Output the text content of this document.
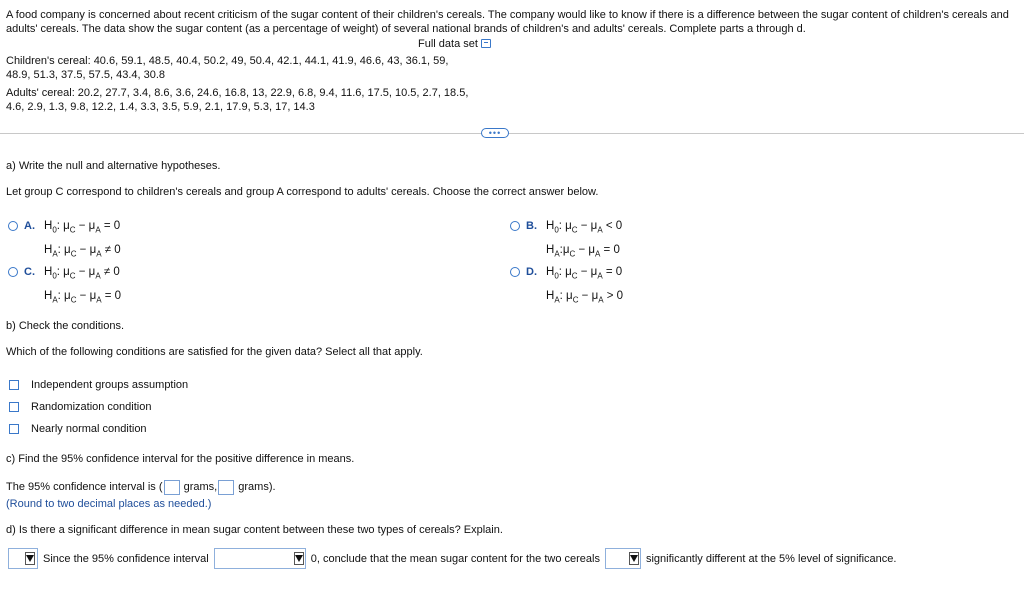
A food company is concerned about recent criticism of the sugar content of their children's cereals. The company would like to know if there is a difference between the sugar content of children's cereals and adults' cereals. The data show the sugar content (as a percentage of weight) of several national brands of children's and adults' cereals. Complete parts a through d.
Full data set
Children's cereal: 40.6, 59.1, 48.5, 40.4, 50.2, 49, 50.4, 42.1, 44.1, 41.9, 46.6, 43, 36.1, 59,
48.9, 51.3, 37.5, 57.5, 43.4, 30.8
Adults' cereal: 20.2, 27.7, 3.4, 8.6, 3.6, 24.6, 16.8, 13, 22.9, 6.8, 9.4, 11.6, 17.5, 10.5, 2.7, 18.5,
4.6, 2.9, 1.3, 9.8, 12.2, 1.4, 3.3, 3.5, 5.9, 2.1, 17.9, 5.3, 17, 14.3
•••
a) Write the null and alternative hypotheses.
Let group C correspond to children's cereals and group A correspond to adults' cereals. Choose the correct answer below.
A. $H_0$: $\mu_C - \mu_A = 0$
$H_A$: $\mu_C - \mu_A \ne 0$
B. $H_0$: $\mu_C - \mu_A < 0$
$H_A:\mu_C - \mu_A = 0$
C. $H_0$: $\mu_C - \mu_A \ne 0$
$H_A$: $\mu_C - \mu_A = 0$
D. $H_0$: $\mu_C - \mu_A = 0$
$H_A$: $\mu_C - \mu_A > 0$
b) Check the conditions.
Which of the following conditions are satisfied for the given data? Select all that apply.
Independent groups assumption
Randomization condition
Nearly normal condition
c) Find the 95% confidence interval for the positive difference in means.
The 95% confidence interval is ( grams, grams).
(Round to two decimal places as needed.)
d) Is there a significant difference in mean sugar content between these two types of cereals? Explain.
Since the 95% confidence interval	0, conclude that the mean sugar content for the two cereals	significantly different at the 5% level of significance.
